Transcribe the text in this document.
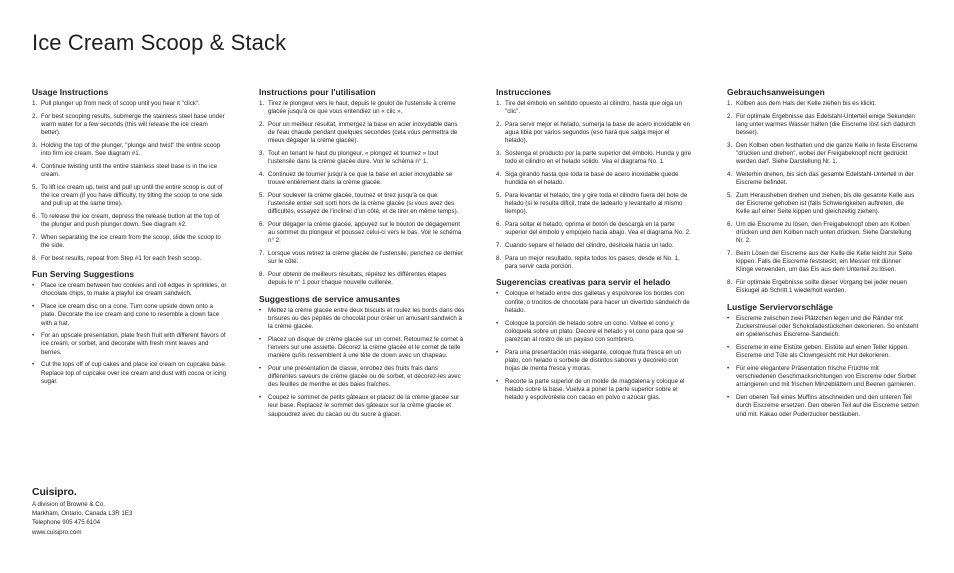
Ice Cream Scoop & Stack
Usage Instructions
1. Pull plunger up from neck of scoop until you hear it "click".
2. For best scooping results, submerge the stainless steel base under warm water for a few seconds (this will release the ice cream better).
3. Holding the top of the plunger, "plunge and twist" the entire scoop into firm ice cream. See diagram #1.
4. Continue twisting until the entire stainless steel base is in the ice cream.
5. To lift ice cream up, twist and pull up until the entire scoop is out of the ice cream (if you have difficulty, try tilting the scoop to one side and pull up at the same time).
6. To release the ice cream, depress the release button at the top of the plunger and push plunger down. See diagram #2.
7. When separating the ice cream from the scoop, slide the scoop to the side.
8. For best results, repeat from Step #1 for each fresh scoop.
Fun Serving Suggestions
• Place ice cream between two cookies and roll edges in sprinkles, or chocolate chips, to make a playful ice cream sandwich.
• Place ice cream disc on a cone. Turn cone upside down onto a plate. Decorate the ice cream and cone to resemble a clown face with a hat.
• For an upscale presentation, plate fresh fruit with different flavors of ice cream, or sorbet, and decorate with fresh mint leaves and berries.
• Cut the tops off of cup cakes and place ice cream on cupcake base. Replace top of cupcake over ice cream and dust with cocoa or icing sugar.
Instructions pour l'utilisation
1. Tirez le plongeur vers le haut, depuis le goulot de l'ustensile à crème glacée jusqu'à ce que vous entendiez un « clic ».
2. Pour un meilleur résultat, immergez la base en acier inoxydable dans de l'eau chaude pendant quelques secondes (cela vous permettra de mieux dégager la crème glacée).
3. Tout en tenant le haut du plongeur, « plongez et tournez » tout l'ustensile dans la crème glacée dure. Voir le schéma n° 1.
4. Continuez de tourner jusqu'à ce que la base en acier inoxydable se trouve entièrement dans la crème glacée.
5. Pour soulever la crème glacée, tournez et tirez jusqu'à ce que l'ustensile entier soit sorti hors de la crème glacée (si vous avez des difficultés, essayez de l'incliner d'un côté, et de tirer en même temps).
6. Pour dégager la crème glacée, appuyez sur le bouton de dégagement au sommet du plongeur et poussez celui-ci vers le bas. Voir le schéma n° 2.
7. Lorsque vous retirez la crème glacée de l'ustensile, penchez ce dernier sur le côté.
8. Pour obtenir de meilleurs résultats, répétez les différentes étapes depuis le n° 1 pour chaque nouvelle cuillerée.
Suggestions de service amusantes
• Mettez la crème glacée entre deux biscuits et roulez les bords dans des brisures ou des pépites de chocolat pour créer un amusant sandwich à la crème glacée.
• Placez un disque de crème glacée sur un cornet. Retournez le cornet à l'envers sur une assiette. Décorez la crème glacée et le cornet de telle manière qu'ils ressemblent à une tête de clown avec un chapeau.
• Pour une présentation de classe, enrobez des fruits frais dans différentes saveurs de crème glacée ou de sorbet, et décorez-les avec des feuilles de menthe et des baies fraîches.
• Coupez le sommet de petits gâteaux et placez de la crème glacée sur leur base. Replacez le sommet des gâteaux sur la crème glacée et saupoudrez avec du cacao ou du sucre à glacer.
Instrucciones
1. Tire del émbolo en sentido opuesto al cilindro, hasta que oiga un "clic".
2. Para servir mejor el helado, sumerja la base de acero inoxidable en agua tibia por varios segundos (eso hará que salga mejor el helado).
3. Sostenga el producto por la parte superior del émbolo. Hunda y gire todo el cilindro en el helado sólido. Vea el diagrama No. 1.
4. Siga girando hasta que toda la base de acero inoxidable quede hundida en el helado.
5. Para levantar el helado, tire y gire toda el cilindro fuera del bote de helado (si le resulta difícil, trate de ladearlo y levantarlo al mismo tiempo).
6. Para soltar el helado, oprima el botón de descarga en la parte superior del émbolo y empújelo hacia abajo. Vea el diagrama No. 2.
7. Cuando separe el helado del cilindro, deslícela hacia un lado.
8. Para un mejor resultado, repita todos los pasos, desde el No. 1, para servir cada porción.
Sugerencias creativas para servir el helado
• Coloque el helado entre dos galletas y espolvoree los bordes con confite, o trocitos de chocolate para hacer un divertido sándwich de helado.
• Coloque la porción de helado sobre un cono. Voltee el cono y colóquela sobre un plato. Decore el helado y el cono para que se parezcan al rostro de un payaso con sombrero.
• Para una presentación más elegante, coloque fruta fresca en un plato, con helado o sorbete de distintos sabores y decórelo con hojas de menta fresca y moras.
• Recorte la parte superior de un molde de magdalena y coloque el helado sobre la base. Vuelva a poner la parte superior sobre el helado y espolvoréela con cacao en polvo o azúcar glas.
Gebrauchsanweisungen
1. Kolben aus dem Hals der Kelle ziehen bis es klickt.
2. Für optimale Ergebnisse das Edelstahl-Unterteil einige Sekunden lang unter warmes Wasser halten (die Eiscreme löst sich dadurch besser).
3. Den Kolben oben festhalten und die ganze Kelle in feste Eiscreme "drücken und drehen", wobei der Freigabeknopf nicht gedrückt werden darf. Siehe Darstellung Nr. 1.
4. Weiterhin drehen, bis sich das gesamte Edelstahl-Unterteil in der Eiscreme befindet.
5. Zum Herausheben drehen und ziehen, bis die gesamte Kelle aus der Eiscreme gehoben ist (falls Schwierigkeiten auftreten, die Kelle auf einer Seite kippen und gleichzeitig ziehen).
6. Um die Eiscreme zu lösen, den Freigabeknopf oben am Kolben drücken und den Kolben nach unten drücken. Siehe Darstellung Nr. 2.
7. Beim Lösen der Eiscreme aus der Kelle die Kelle leicht zur Seite kippen. Falls die Eiscreme feststeckt, ein Messer mit dünner Klinge verwenden, um das Eis aus dem Unterteil zu lösen.
8. Für optimale Ergebnisse sollte dieser Vorgang bei jeder neuen Eiskugel ab Schritt 1 wiederholt werden.
Lustige Serviervorschläge
• Eiscreme zwischen zwei Plätzchen legen und die Ränder mit Zuckerstreusel oder Schokoladestückchen dekorieren. So entsteht ein spielerisches Eiscreme-Sandwich.
• Eiscreme in eine Eistüte geben. Eistüte auf einen Teller kippen. Eiscreme und Tüte als Clowngesicht mit Hut dekorieren.
• Für eine elegantere Präsentation frische Früchte mit verschiedenen Geschmacksrichtungen von Eiscreme oder Sorbet arrangieren und mit frischen Minzeblättern und Beeren garnieren.
• Den oberen Teil eines Muffins abschneiden und den unteren Teil durch Eiscreme ersetzen. Den oberen Teil auf die Eiscreme setzen und mit. Kakao oder Puderzucker bestäuben.
Cuisipro.
A division of Browne & Co.
Markham, Ontario, Canada L3R 1E3
Telephone 905 475 6104
www.cuisipro.com
